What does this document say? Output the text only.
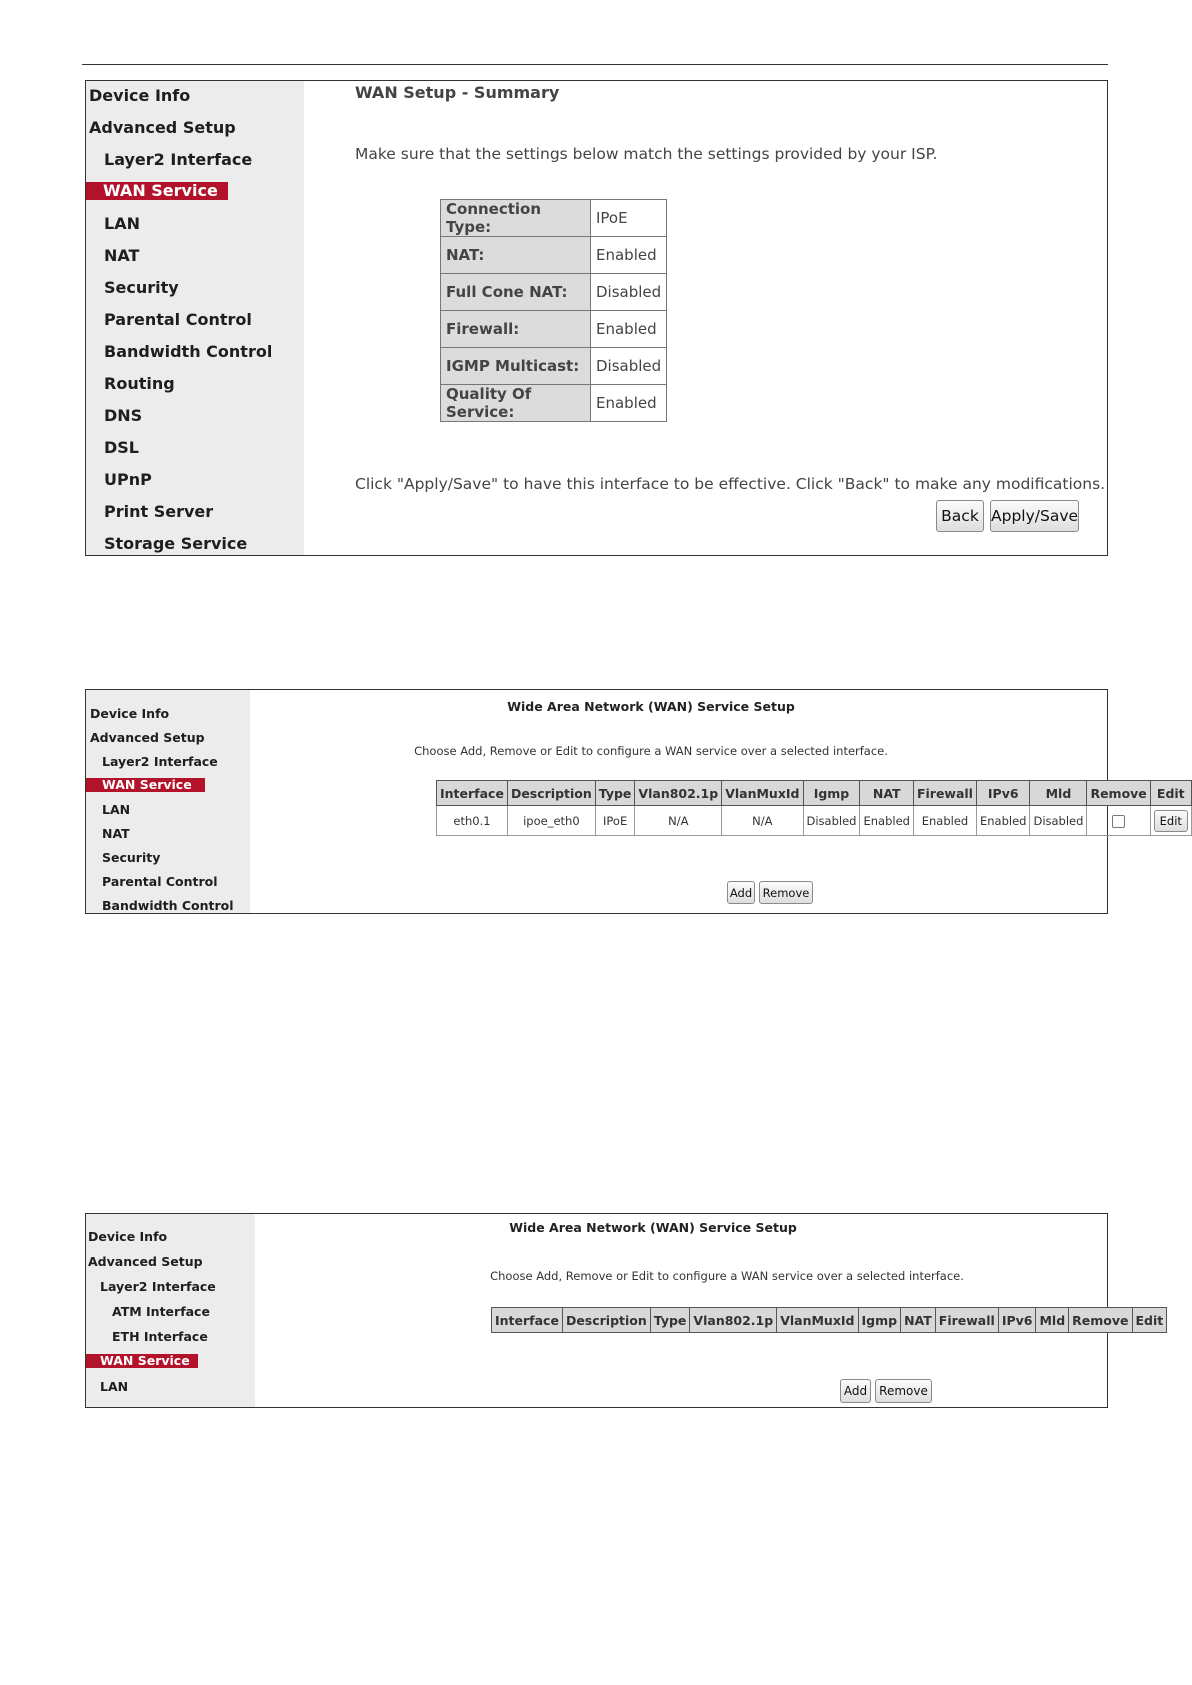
Device Info
Advanced Setup
Layer2 Interface
WAN Service
LAN
NAT
Security
Parental Control
Bandwidth Control
Routing
DNS
DSL
UPnP
Print Server
Storage Service
WAN Setup - Summary
Make sure that the settings below match the settings provided by your ISP.
Connection Type:	IPoE
NAT:	Enabled
Full Cone NAT:	Disabled
Firewall:	Enabled
IGMP Multicast:	Disabled
Quality Of Service:	Enabled
Click "Apply/Save" to have this interface to be effective. Click "Back" to make any modifications.
Back Apply/Save
Device Info
Advanced Setup
Layer2 Interface
WAN Service
LAN
NAT
Security
Parental Control
Bandwidth Control
Wide Area Network (WAN) Service Setup
Choose Add, Remove or Edit to configure a WAN service over a selected interface.
Interface	Description	Type	Vlan802.1p	VlanMuxId	Igmp	NAT	Firewall	IPv6	Mld	Remove	Edit
eth0.1	ipoe_eth0	IPoE	N/A	N/A	Disabled	Enabled	Enabled	Enabled	Disabled		Edit
Add Remove
Device Info
Advanced Setup
Layer2 Interface
ATM Interface
ETH Interface
WAN Service
LAN
Wide Area Network (WAN) Service Setup
Choose Add, Remove or Edit to configure a WAN service over a selected interface.
Interface	Description	Type	Vlan802.1p	VlanMuxId	Igmp	NAT	Firewall	IPv6	Mld	Remove	Edit
Add	Remove
